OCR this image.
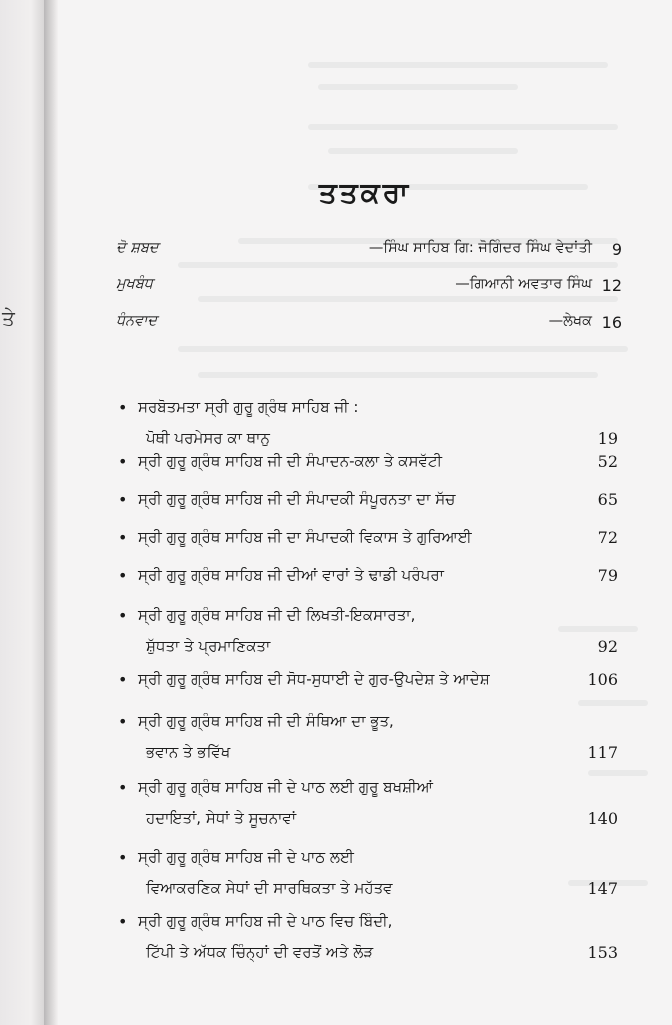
ਤੇ
ਤਤਕਰਾ
ਦੋ ਸ਼ਬਦ	—ਸਿੰਘ ਸਾਹਿਬ ਗਿ: ਜੋਗਿੰਦਰ ਸਿੰਘ ਵੇਦਾਂਤੀ	9
ਮੁਖਬੰਧ	—ਗਿਆਨੀ ਅਵਤਾਰ ਸਿੰਘ 12
ਧੰਨਵਾਦ	—ਲੇਖਕ 16
• ਸਰਬੋਤਮਤਾ ਸ੍ਰੀ ਗੁਰੂ ਗ੍ਰੰਥ ਸਾਹਿਬ ਜੀ :
ਪੋਥੀ ਪਰਮੇਸਰ ਕਾ ਥਾਨੁ	19
• ਸ੍ਰੀ ਗੁਰੂ ਗ੍ਰੰਥ ਸਾਹਿਬ ਜੀ ਦੀ ਸੰਪਾਦਨ-ਕਲਾ ਤੇ ਕਸਵੱਟੀ	52
• ਸ੍ਰੀ ਗੁਰੂ ਗ੍ਰੰਥ ਸਾਹਿਬ ਜੀ ਦੀ ਸੰਪਾਦਕੀ ਸੰਪੂਰਨਤਾ ਦਾ ਸੱਚ	65
• ਸ੍ਰੀ ਗੁਰੂ ਗ੍ਰੰਥ ਸਾਹਿਬ ਜੀ ਦਾ ਸੰਪਾਦਕੀ ਵਿਕਾਸ ਤੇ ਗੁਰਿਆਈ	72
• ਸ੍ਰੀ ਗੁਰੂ ਗ੍ਰੰਥ ਸਾਹਿਬ ਜੀ ਦੀਆਂ ਵਾਰਾਂ ਤੇ ਢਾਡੀ ਪਰੰਪਰਾ	79
• ਸ੍ਰੀ ਗੁਰੂ ਗ੍ਰੰਥ ਸਾਹਿਬ ਜੀ ਦੀ ਲਿਖਤੀ-ਇਕਸਾਰਤਾ,
ਸ਼ੁੱਧਤਾ ਤੇ ਪ੍ਰਮਾਣਿਕਤਾ	92
• ਸ੍ਰੀ ਗੁਰੂ ਗ੍ਰੰਥ ਸਾਹਿਬ ਦੀ ਸੋਧ-ਸੁਧਾਈ ਦੇ ਗੁਰ-ਉਪਦੇਸ਼ ਤੇ ਆਦੇਸ਼	106
• ਸ੍ਰੀ ਗੁਰੂ ਗ੍ਰੰਥ ਸਾਹਿਬ ਜੀ ਦੀ ਸੰਥਿਆ ਦਾ ਭੂਤ,
ਭਵਾਨ ਤੇ ਭਵਿੱਖ	117
• ਸ੍ਰੀ ਗੁਰੂ ਗ੍ਰੰਥ ਸਾਹਿਬ ਜੀ ਦੇ ਪਾਠ ਲਈ ਗੁਰੂ ਬਖਸ਼ੀਆਂ
ਹਦਾਇਤਾਂ, ਸੇਧਾਂ ਤੇ ਸੂਚਨਾਵਾਂ	140
• ਸ੍ਰੀ ਗੁਰੂ ਗ੍ਰੰਥ ਸਾਹਿਬ ਜੀ ਦੇ ਪਾਠ ਲਈ
ਵਿਆਕਰਣਿਕ ਸੇਧਾਂ ਦੀ ਸਾਰਥਿਕਤਾ ਤੇ ਮਹੱਤਵ	147
• ਸ੍ਰੀ ਗੁਰੂ ਗ੍ਰੰਥ ਸਾਹਿਬ ਜੀ ਦੇ ਪਾਠ ਵਿਚ ਬਿੰਦੀ,
ਟਿੱਪੀ ਤੇ ਅੱਧਕ ਚਿੰਨ੍ਹਾਂ ਦੀ ਵਰਤੋਂ ਅਤੇ ਲੋੜ	153
